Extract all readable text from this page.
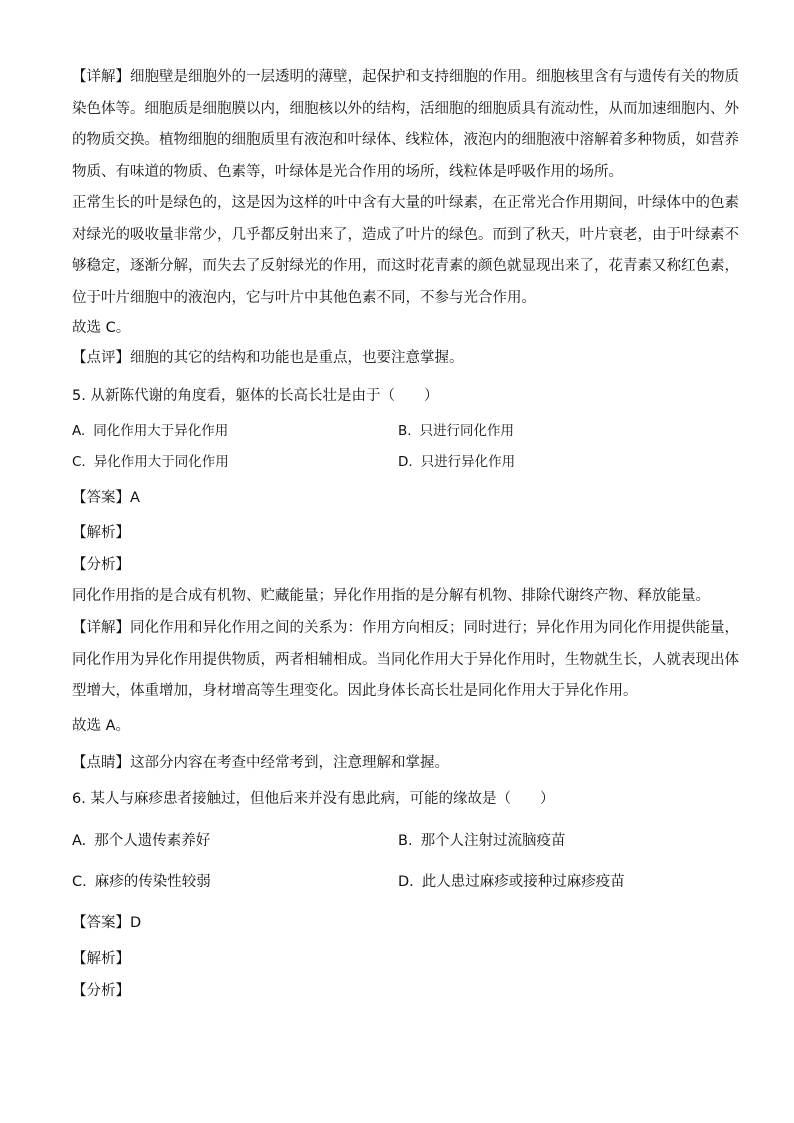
【详解】细胞壁是细胞外的一层透明的薄壁，起保护和支持细胞的作用。细胞核里含有与遗传有关的物质
染色体等。细胞质是细胞膜以内，细胞核以外的结构，活细胞的细胞质具有流动性，从而加速细胞内、外
的物质交换。植物细胞的细胞质里有液泡和叶绿体、线粒体，液泡内的细胞液中溶解着多种物质，如营养
物质、有味道的物质、色素等，叶绿体是光合作用的场所，线粒体是呼吸作用的场所。
正常生长的叶是绿色的，这是因为这样的叶中含有大量的叶绿素，在正常光合作用期间，叶绿体中的色素
对绿光的吸收量非常少，几乎都反射出来了，造成了叶片的绿色。而到了秋天，叶片衰老，由于叶绿素不
够稳定，逐渐分解，而失去了反射绿光的作用，而这时花青素的颜色就显现出来了，花青素又称红色素，
位于叶片细胞中的液泡内，它与叶片中其他色素不同，不参与光合作用。
故选 C。
【点评】细胞的其它的结构和功能也是重点，也要注意掌握。
5. 从新陈代谢的角度看，躯体的长高长壮是由于（　　）
A. 同化作用大于异化作用	B. 只进行同化作用
C. 异化作用大于同化作用	D. 只进行异化作用
【答案】A
【解析】
【分析】
同化作用指的是合成有机物、贮藏能量；异化作用指的是分解有机物、排除代谢终产物、释放能量。
【详解】同化作用和异化作用之间的关系为：作用方向相反；同时进行；异化作用为同化作用提供能量，
同化作用为异化作用提供物质，两者相辅相成。当同化作用大于异化作用时，生物就生长，人就表现出体
型增大，体重增加，身材增高等生理变化。因此身体长高长壮是同化作用大于异化作用。
故选 A。
【点睛】这部分内容在考查中经常考到，注意理解和掌握。
6. 某人与麻疹患者接触过，但他后来并没有患此病，可能的缘故是（　　）
A. 那个人遗传素养好	B. 那个人注射过流脑疫苗
C. 麻疹的传染性较弱	D. 此人患过麻疹或接种过麻疹疫苗
【答案】D
【解析】
【分析】
